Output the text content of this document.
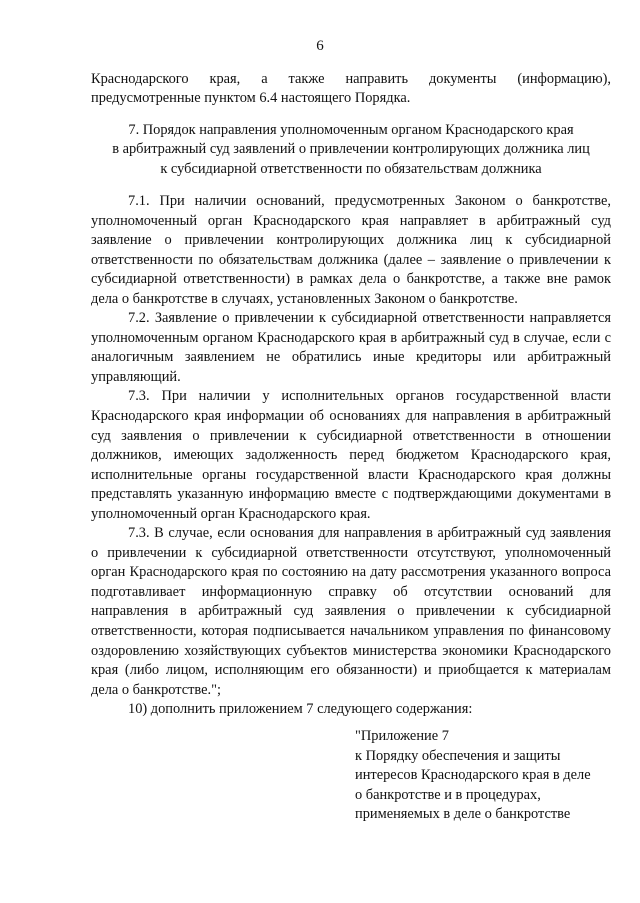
6

Краснодарского края, а также направить документы (информацию), предусмотренные пунктом 6.4 настоящего Порядка.

7. Порядок направления уполномоченным органом Краснодарского края
в арбитражный суд заявлений о привлечении контролирующих должника лиц
к субсидиарной ответственности по обязательствам должника

7.1. При наличии оснований, предусмотренных Законом о банкротстве, уполномоченный орган Краснодарского края направляет в арбитражный суд заявление о привлечении контролирующих должника лиц к субсидиарной ответственности по обязательствам должника (далее – заявление о привлечении к субсидиарной ответственности) в рамках дела о банкротстве, а также вне рамок дела о банкротстве в случаях, установленных Законом о банкротстве.

7.2. Заявление о привлечении к субсидиарной ответственности направляется уполномоченным органом Краснодарского края в арбитражный суд в случае, если с аналогичным заявлением не обратились иные кредиторы или арбитражный управляющий.

7.3. При наличии у исполнительных органов государственной власти Краснодарского края информации об основаниях для направления в арбитражный суд заявления о привлечении к субсидиарной ответственности в отношении должников, имеющих задолженность перед бюджетом Краснодарского края, исполнительные органы государственной власти Краснодарского края должны представлять указанную информацию вместе с подтверждающими документами в уполномоченный орган Краснодарского края.

7.3. В случае, если основания для направления в арбитражный суд заявления о привлечении к субсидиарной ответственности отсутствуют, уполномоченный орган Краснодарского края по состоянию на дату рассмотрения указанного вопроса подготавливает информационную справку об отсутствии оснований для направления в арбитражный суд заявления о привлечении к субсидиарной ответственности, которая подписывается начальником управления по финансовому оздоровлению хозяйствующих субъектов министерства экономики Краснодарского края (либо лицом, исполняющим его обязанности) и приобщается к материалам дела о банкротстве.";

10) дополнить приложением 7 следующего содержания:

"Приложение 7
к Порядку обеспечения и защиты
интересов Краснодарского края в деле
о банкротстве и в процедурах,
применяемых в деле о банкротстве
